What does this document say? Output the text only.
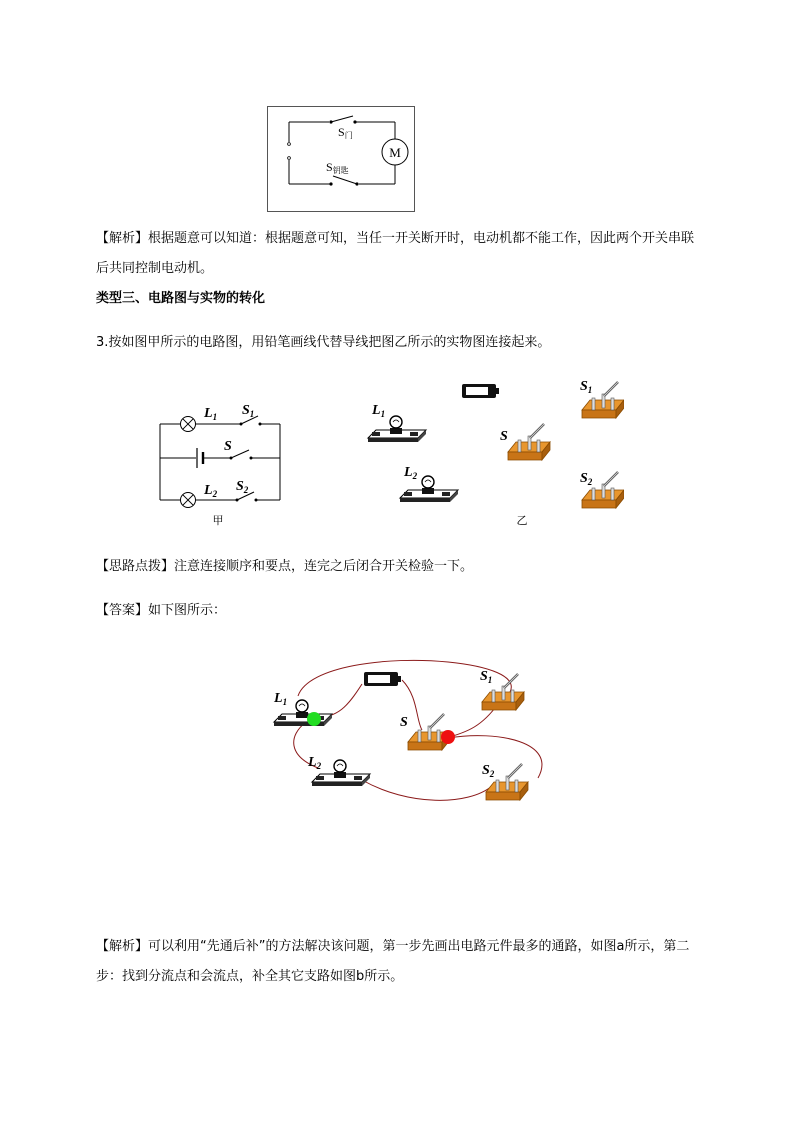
M
S门
S钥匙
【解析】根据题意可以知道：根据题意可知，当任一开关断开时，电动机都不能工作，因此两个开关串联后共同控制电动机。
类型三、电路图与实物的转化
3.按如图甲所示的电路图，用铅笔画线代替导线把图乙所示的实物图连接起来。
$L_1$ $S_1$
S
$L_2$ $S_2$
甲
$L_1$
$L_2$
$S_1$
S
$S_2$
乙
【思路点拨】注意连接顺序和要点，连完之后闭合开关检验一下。
【答案】如下图所示：
$L_1$
$L_2$
$S_1$
S
$S_2$
【解析】可以利用“先通后补”的方法解决该问题，第一步先画出电路元件最多的通路，如图a所示，第二步：找到分流点和会流点，补全其它支路如图b所示。
